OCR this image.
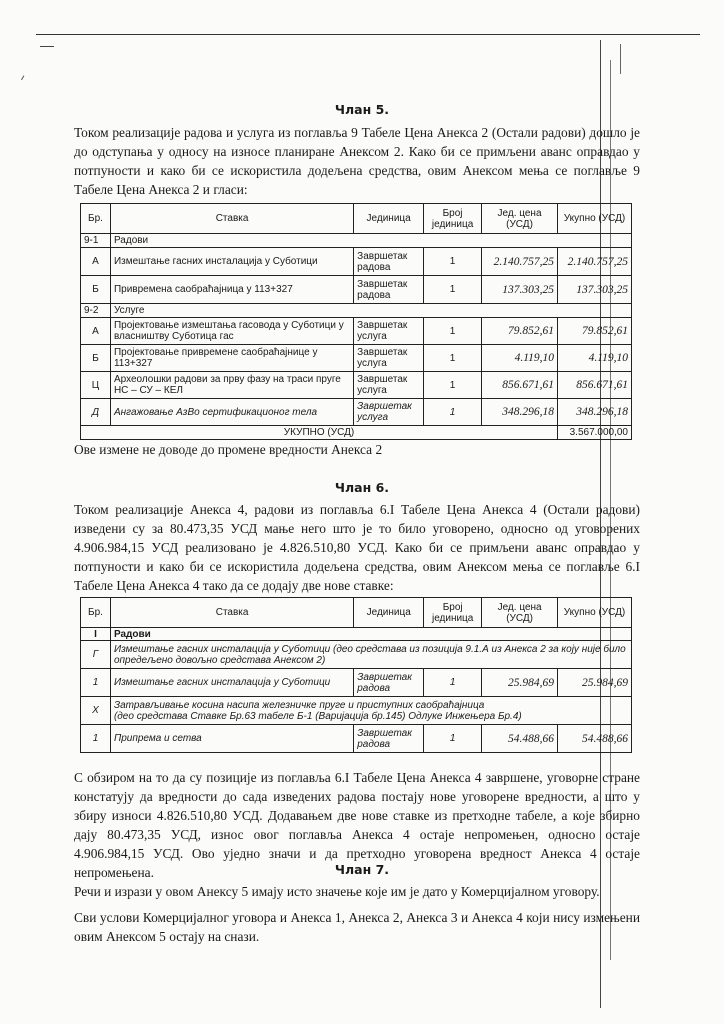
Члан 5.
Током реализације радова и услуга из поглавља 9 Табеле Цена Анекса 2 (Остали радови) дошло је до одступања у односу на износе планиране Анексом 2. Како би се примљени аванс оправдао у потпуности и како би се искористила додељена средства, овим Анексом мења се поглавље 9 Табеле Цена Анекса 2 и гласи:
Бр.	Ставка	Јединица	Број јединица	Јед. цена (УСД)	Укупно (УСД)
9-1	Радови				
А	Измештање гасних инсталација у Суботици	Завршетак радова	1	2.140.757,25	2.140.757,25
Б	Привремена саобраћајница у 113+327	Завршетак радова	1	137.303,25	137.303,25
9-2	Услуге				
А	Пројектовање измештања гасовода у Суботици у власништву Суботица гас	Завршетак услуга	1	79.852,61	79.852,61
Б	Пројектовање привремене саобраћајнице у 113+327	Завршетак услуга	1	4.119,10	4.119,10
Ц	Археолошки радови за прву фазу на траси пруге НС – СУ – КЕЛ	Завршетак услуга	1	856.671,61	856.671,61
Д	Ангажовање АзВо сертификационог тела	Завршетак услуга	1	348.296,18	348.296,18
УКУПНО (УСД)					3.567.000,00
Ове измене не доводе до промене вредности Анекса 2
Члан 6.
Током реализације Анекса 4, радови из поглавља 6.I Табеле Цена Анекса 4 (Остали радови) изведени су за 80.473,35 УСД мање него што је то било уговорено, односно од уговорених 4.906.984,15 УСД реализовано је 4.826.510,80 УСД. Како би се примљени аванс оправдао у потпуности и како би се искористила додељена средства, овим Анексом мења се поглавље 6.I Табеле Цена Анекса 4 тако да се додају две нове ставке:
Бр.	Ставка	Јединица	Број јединица	Јед. цена (УСД)	Укупно (УСД)
I	Радови				
Г	Измештање гасних инсталација у Суботици (део средстава из позиција 9.1.А из Анекса 2 за коју није било опредељено довољно средстава Анексом 2)				
1	Измештање гасних инсталација у Суботици	Завршетак радова	1	25.984,69	25.984,69
Х	Затрављивање косина насипа железничке пруге и приступних саобраћајница
(део средстава Ставке Бр.63 табеле Б-1 (Варијација бр.145) Одлуке Инжењера Бр.4)				

1	Припрема и сетва	Завршетак радова	1	54.488,66	54.488,66
С обзиром на то да су позиције из поглавља 6.I Табеле Цена Анекса 4 завршене, уговорне стране констатују да вредности до сада изведених радова постају нове уговорене вредности, а што у збиру износи 4.826.510,80 УСД. Додавањем две нове ставке из претходне табеле, а које збирно дају 80.473,35 УСД, износ овог поглавља Анекса 4 остаје непромењен, односно остаје 4.906.984,15 УСД. Ово уједно значи и да претходно уговорена вредност Анекса 4 остаје непромењена.	Члан 7.
Речи и изрази у овом Анексу 5 имају исто значење које им је дато у Комерцијалном уговору.
Сви услови Комерцијалног уговора и Анекса 1, Анекса 2, Анекса 3 и Анекса 4 који нису измењени овим Анексом 5 остају на снази.
